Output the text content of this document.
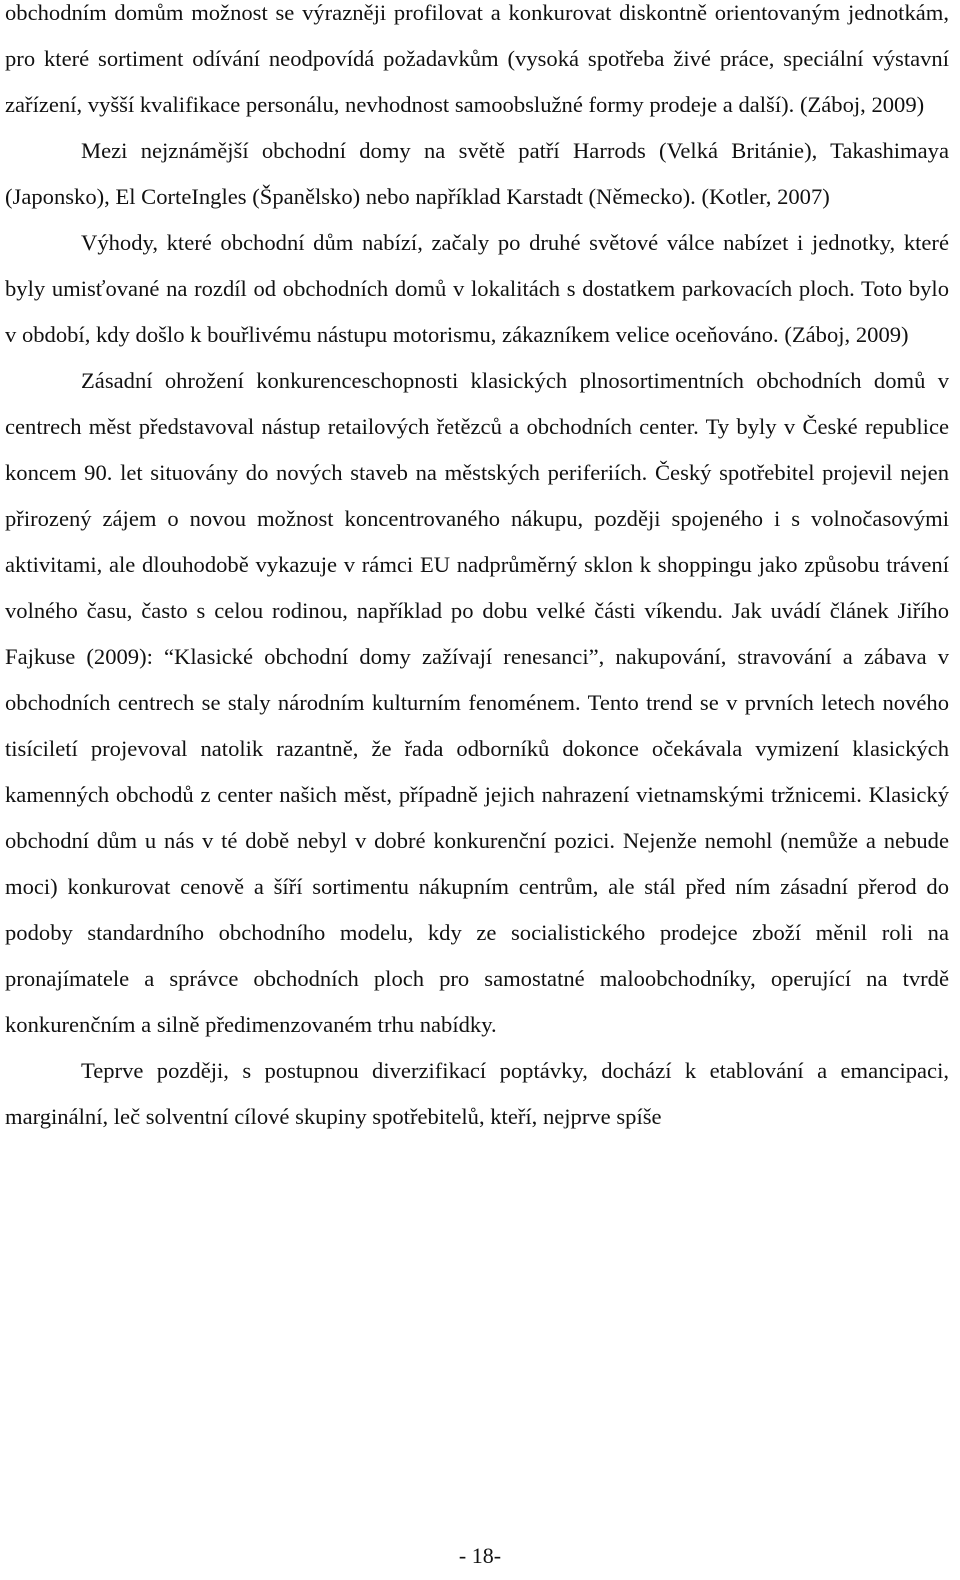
obchodním domům možnost se výrazněji profilovat a konkurovat diskontně orientovaným jednotkám, pro které sortiment odívání neodpovídá požadavkům (vysoká spotřeba živé práce, speciální výstavní zařízení, vyšší kvalifikace personálu, nevhodnost samoobslužné formy prodeje a další). (Záboj, 2009)

Mezi nejznámější obchodní domy na světě patří Harrods (Velká Británie), Takashimaya (Japonsko), El CorteIngles (Španělsko) nebo například Karstadt (Německo). (Kotler, 2007)

Výhody, které obchodní dům nabízí, začaly po druhé světové válce nabízet i jednotky, které byly umisťované na rozdíl od obchodních domů v lokalitách s dostatkem parkovacích ploch. Toto bylo v období, kdy došlo k bouřlivému nástupu motorismu, zákazníkem velice oceňováno. (Záboj, 2009)

Zásadní ohrožení konkurenceschopnosti klasických plnosortimentních obchodních domů v centrech měst představoval nástup retailových řetězců a obchodních center. Ty byly v České republice koncem 90. let situovány do nových staveb na městských periferiích. Český spotřebitel projevil nejen přirozený zájem o novou možnost koncentrovaného nákupu, později spojeného i s volnočasovými aktivitami, ale dlouhodobě vykazuje v rámci EU nadprůměrný sklon k shoppingu jako způsobu trávení volného času, často s celou rodinou, například po dobu velké části víkendu. Jak uvádí článek Jiřího Fajkuse (2009): “Klasické obchodní domy zažívají renesanci”, nakupování, stravování a zábava v obchodních centrech se staly národním kulturním fenoménem. Tento trend se v prvních letech nového tisíciletí projevoval natolik razantně, že řada odborníků dokonce očekávala vymizení klasických kamenných obchodů z center našich měst, případně jejich nahrazení vietnamskými tržnicemi. Klasický obchodní dům u nás v té době nebyl v dobré konkurenční pozici. Nejenže nemohl (nemůže a nebude moci) konkurovat cenově a šíří sortimentu nákupním centrům, ale stál před ním zásadní přerod do podoby standardního obchodního modelu, kdy ze socialistického prodejce zboží měnil roli na pronajímatele a správce obchodních ploch pro samostatné maloobchodníky, operující na tvrdě konkurenčním a silně předimenzovaném trhu nabídky.

Teprve později, s postupnou diverzifikací poptávky, dochází k etablování a emancipaci, marginální, leč solventní cílové skupiny spotřebitelů, kteří, nejprve spíše

- 18-
